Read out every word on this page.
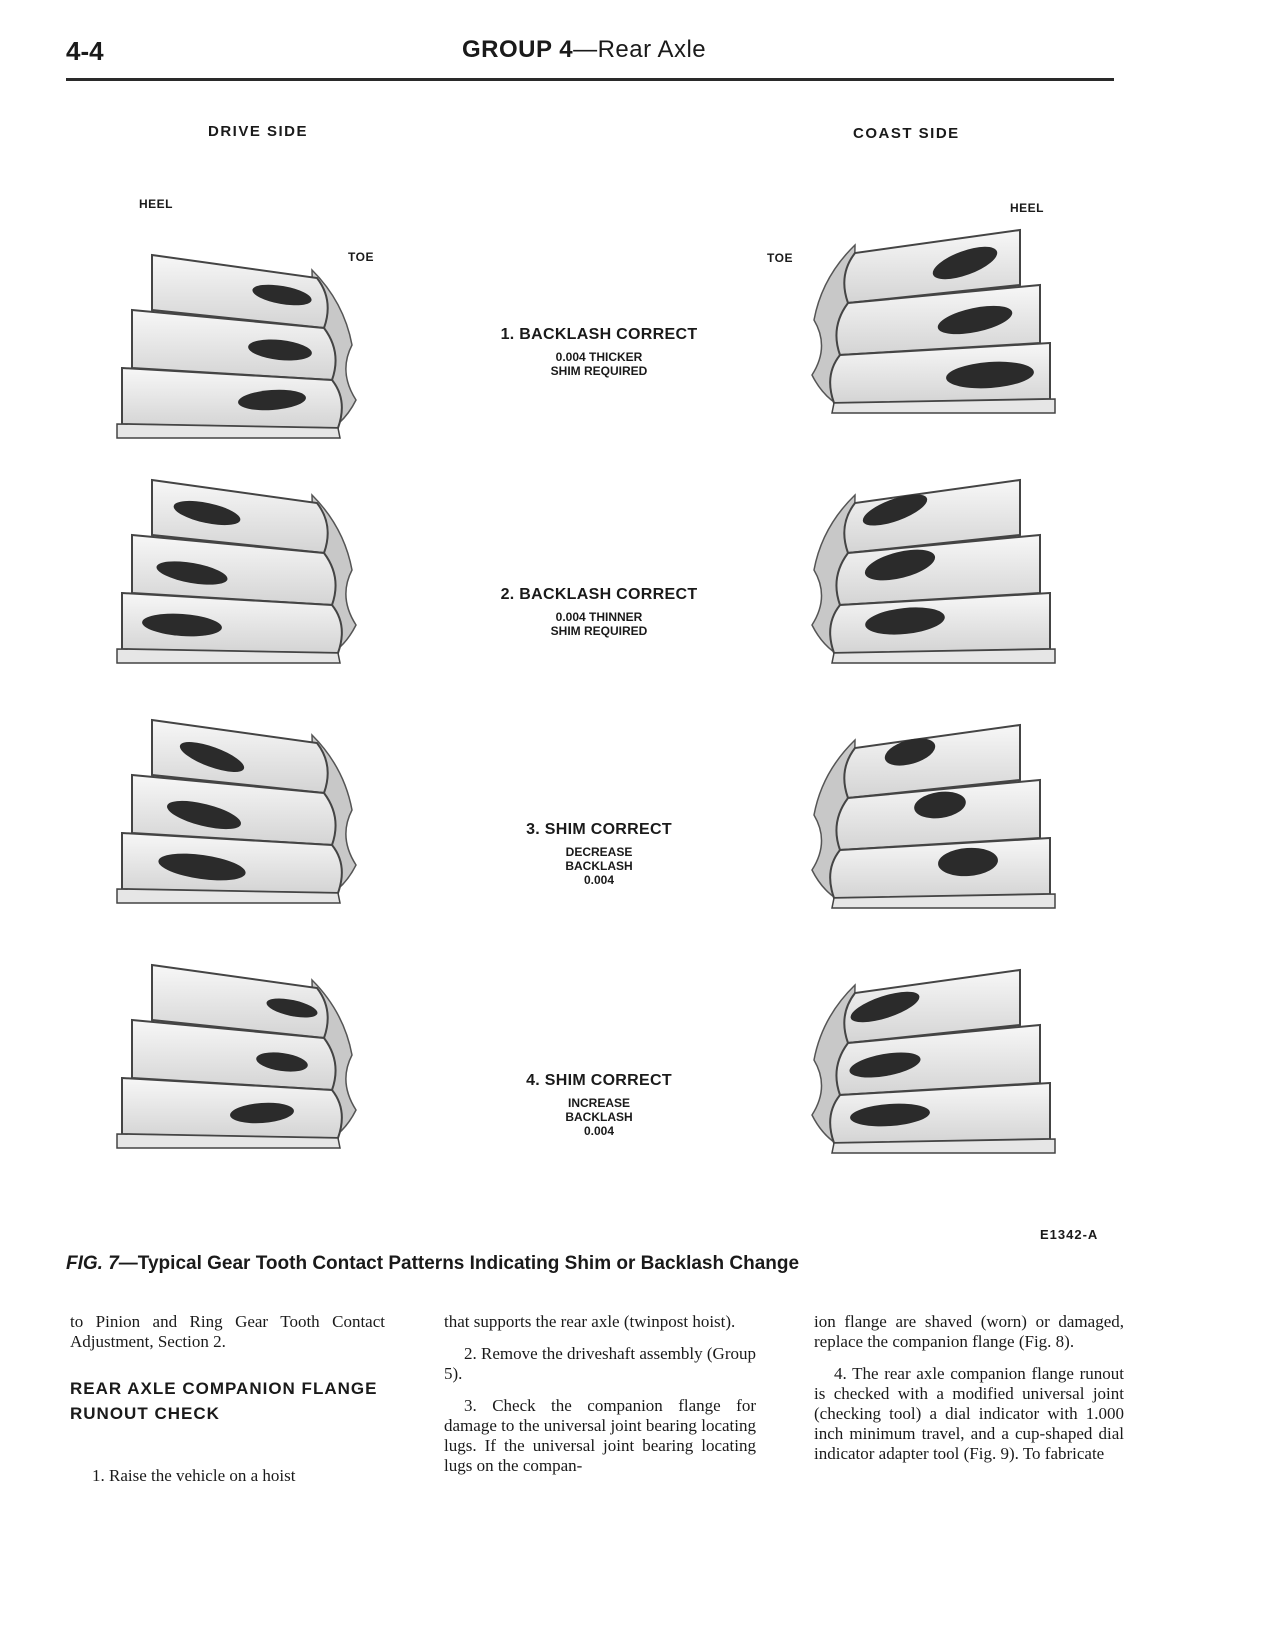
4-4	GROUP 4—Rear Axle
DRIVE SIDE	COAST SIDE
HEEL
TOE
HEEL
TOE
1. BACKLASH CORRECT
0.004 THICKER
SHIM REQUIRED
2. BACKLASH CORRECT
0.004 THINNER
SHIM REQUIRED
3. SHIM CORRECT
DECREASE
BACKLASH
0.004
4. SHIM CORRECT
INCREASE
BACKLASH
0.004
E1342-A
FIG. 7—Typical Gear Tooth Contact Patterns Indicating Shim or Backlash Change

to Pinion and Ring Gear Tooth Contact Adjustment, Section 2.

REAR AXLE COMPANION FLANGE RUNOUT CHECK

1. Raise the vehicle on a hoist

that supports the rear axle (twinpost hoist).

2. Remove the driveshaft assembly (Group 5).

3. Check the companion flange for damage to the universal joint bearing locating lugs. If the universal joint bearing locating lugs on the compan-

ion flange are shaved (worn) or damaged, replace the companion flange (Fig. 8).

4. The rear axle companion flange runout is checked with a modified universal joint (checking tool) a dial indicator with 1.000 inch minimum travel, and a cup-shaped dial indicator adapter tool (Fig. 9). To fabricate
